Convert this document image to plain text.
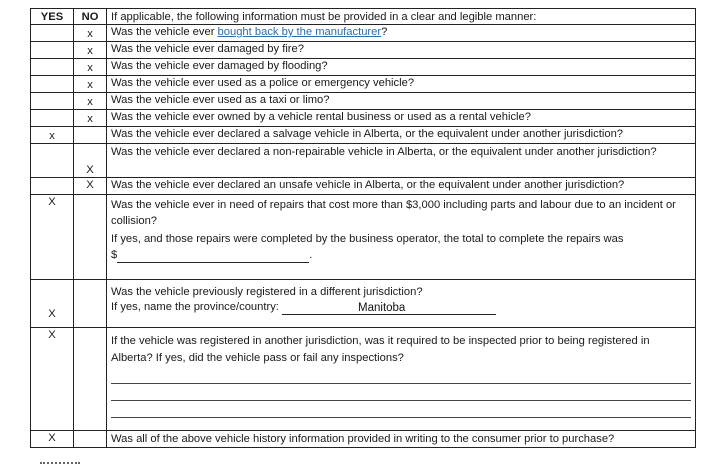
YES	NO	If applicable, the following information must be provided in a clear and legible manner:
	x	Was the vehicle ever bought back by the manufacturer?
	x	Was the vehicle ever damaged by fire?
	x	Was the vehicle ever damaged by flooding?
	x	Was the vehicle ever used as a police or emergency vehicle?
	x	Was the vehicle ever used as a taxi or limo?
	x	Was the vehicle ever owned by a vehicle rental business or used as a rental vehicle?
x		Was the vehicle ever declared a salvage vehicle in Alberta, or the equivalent under another jurisdiction?
	X	Was the vehicle ever declared a non-repairable vehicle in Alberta, or the equivalent under another jurisdiction?
	X	Was the vehicle ever declared an unsafe vehicle in Alberta, or the equivalent under another jurisdiction?
X		Was the vehicle ever in need of repairs that cost more than $3,000 including parts and labour due to an incident or collision?
If yes, and those repairs were completed by the business operator, the total to complete the repairs was
$ .

X		Was the vehicle previously registered in a different jurisdiction?
If yes, name the province/country: Manitoba

X		If the vehicle was registered in another jurisdiction, was it required to be inspected prior to being registered in Alberta? If yes, did the vehicle pass or fail any inspections?

X		Was all of the above vehicle history information provided in writing to the consumer prior to purchase?
